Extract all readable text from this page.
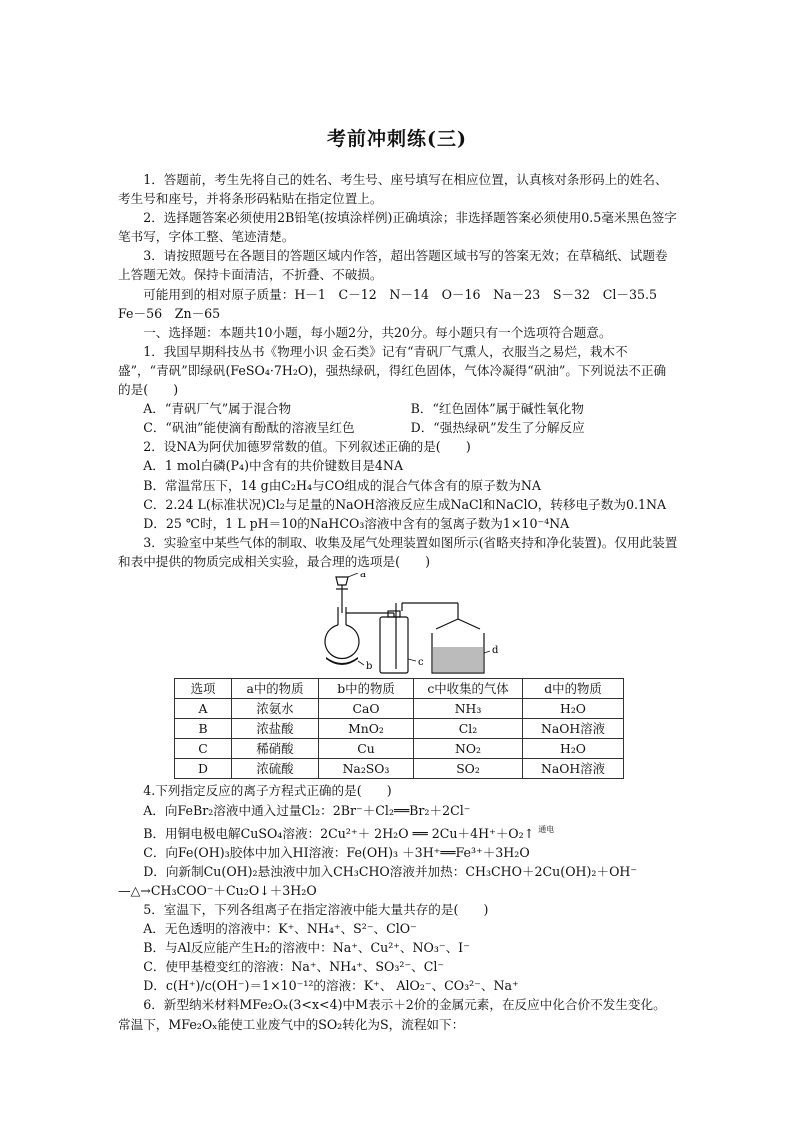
考前冲刺练(三)

1．答题前，考生先将自己的姓名、考生号、座号填写在相应位置，认真核对条形码上的姓名、考生号和座号，并将条形码粘贴在指定位置上。

2．选择题答案必须使用2B铅笔(按填涂样例)正确填涂；非选择题答案必须使用0.5毫米黑色签字笔书写，字体工整、笔迹清楚。

3．请按照题号在各题目的答题区域内作答，超出答题区域书写的答案无效；在草稿纸、试题卷上答题无效。保持卡面清洁，不折叠、不破损。

可能用到的相对原子质量：H－1　C－12　N－14　O－16　Na－23　S－32　Cl－35.5　Fe－56　Zn－65

一、选择题：本题共10小题，每小题2分，共20分。每小题只有一个选项符合题意。

1．我国早期科技丛书《物理小识 金石类》记有“青矾厂气熏人，衣服当之易烂，栽木不盛”，“青矾”即绿矾(FeSO₄·7H₂O)，强热绿矾，得红色固体，气体冷凝得“矾油”。下列说法不正确的是(　　)

A．“青矾厂气”属于混合物	B．“红色固体”属于碱性氧化物
C．“矾油”能使滴有酚酞的溶液呈红色	D．“强热绿矾”发生了分解反应

2．设NA为阿伏加德罗常数的值。下列叙述正确的是(　　)

A．1 mol白磷(P₄)中含有的共价键数目是4NA
B．常温常压下，14 g由C₂H₄与CO组成的混合气体含有的原子数为NA

C．2.24 L(标准状况)Cl₂与足量的NaOH溶液反应生成NaCl和NaClO，转移电子数为0.1NA

D．25 ℃时，1 L pH＝10的NaHCO₃溶液中含有的氢离子数为1×10⁻⁴NA

3．实验室中某些气体的制取、收集及尾气处理装置如图所示(省略夹持和净化装置)。仅用此装置和表中提供的物质完成相关实验，最合理的选项是(　　)

a
b	c
d
选项	a中的物质	b中的物质	c中收集的气体	d中的物质
A	浓氨水	CaO	NH₃	H₂O
B	浓盐酸	MnO₂	Cl₂	NaOH溶液
C	稀硝酸	Cu	NO₂	H₂O
D	浓硫酸	Na₂SO₃	SO₂	NaOH溶液

4.下列指定反应的离子方程式正确的是(　　)

A．向FeBr₂溶液中通入过量Cl₂：2Br⁻＋Cl₂══Br₂＋2Cl⁻
B．用铜电极电解CuSO₄溶液：2Cu²⁺＋ 2H₂O ══ 2Cu＋4H⁺＋O₂↑ $^{通电}$
C．向Fe(OH)₃胶体中加入HI溶液：Fe(OH)₃ ＋3H⁺══Fe³⁺＋3H₂O
D．向新制Cu(OH)₂悬浊液中加入CH₃CHO溶液并加热：CH₃CHO＋2Cu(OH)₂＋OH⁻
—△→CH₃COO⁻＋Cu₂O↓＋3H₂O

5．室温下，下列各组离子在指定溶液中能大量共存的是(　　)

A．无色透明的溶液中：K⁺、NH₄⁺、S²⁻、ClO⁻
B．与Al反应能产生H₂的溶液中：Na⁺、Cu²⁺、NO₃⁻、I⁻
C．使甲基橙变红的溶液：Na⁺、NH₄⁺、SO₃²⁻、Cl⁻
D．c(H⁺)/c(OH⁻)＝1×10⁻¹²的溶液：K⁺、 AlO₂⁻、CO₃²⁻、Na⁺

6．新型纳米材料MFe₂Oₓ(3<x<4)中M表示＋2价的金属元素，在反应中化合价不发生变化。常温下，MFe₂Oₓ能使工业废气中的SO₂转化为S，流程如下：
